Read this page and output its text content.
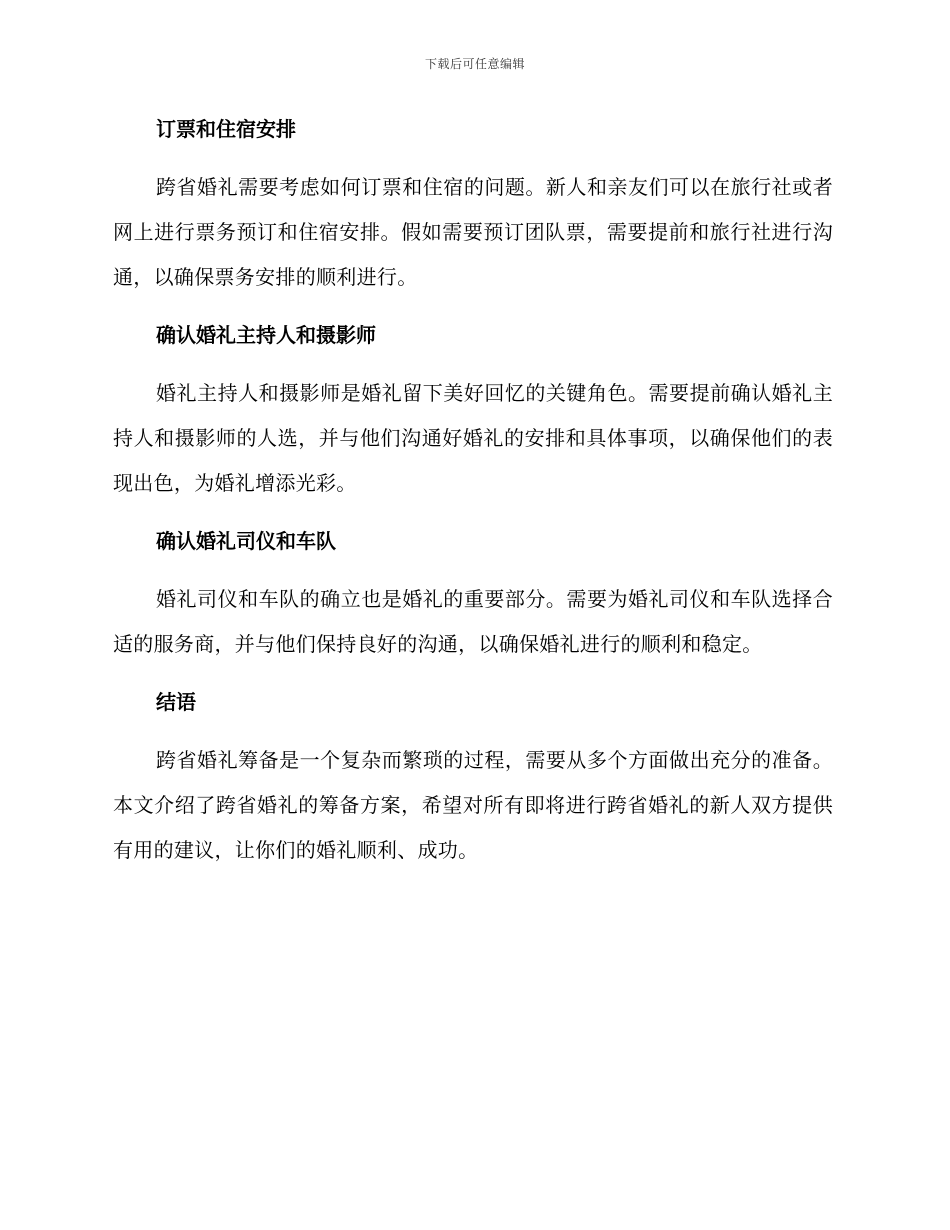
下载后可任意编辑
订票和住宿安排

跨省婚礼需要考虑如何订票和住宿的问题。新人和亲友们可以在旅行社或者网上进行票务预订和住宿安排。假如需要预订团队票，需要提前和旅行社进行沟通，以确保票务安排的顺利进行。

确认婚礼主持人和摄影师

婚礼主持人和摄影师是婚礼留下美好回忆的关键角色。需要提前确认婚礼主持人和摄影师的人选，并与他们沟通好婚礼的安排和具体事项，以确保他们的表现出色，为婚礼增添光彩。

确认婚礼司仪和车队

婚礼司仪和车队的确立也是婚礼的重要部分。需要为婚礼司仪和车队选择合适的服务商，并与他们保持良好的沟通，以确保婚礼进行的顺利和稳定。

结语

跨省婚礼筹备是一个复杂而繁琐的过程，需要从多个方面做出充分的准备。本文介绍了跨省婚礼的筹备方案，希望对所有即将进行跨省婚礼的新人双方提供有用的建议，让你们的婚礼顺利、成功。
